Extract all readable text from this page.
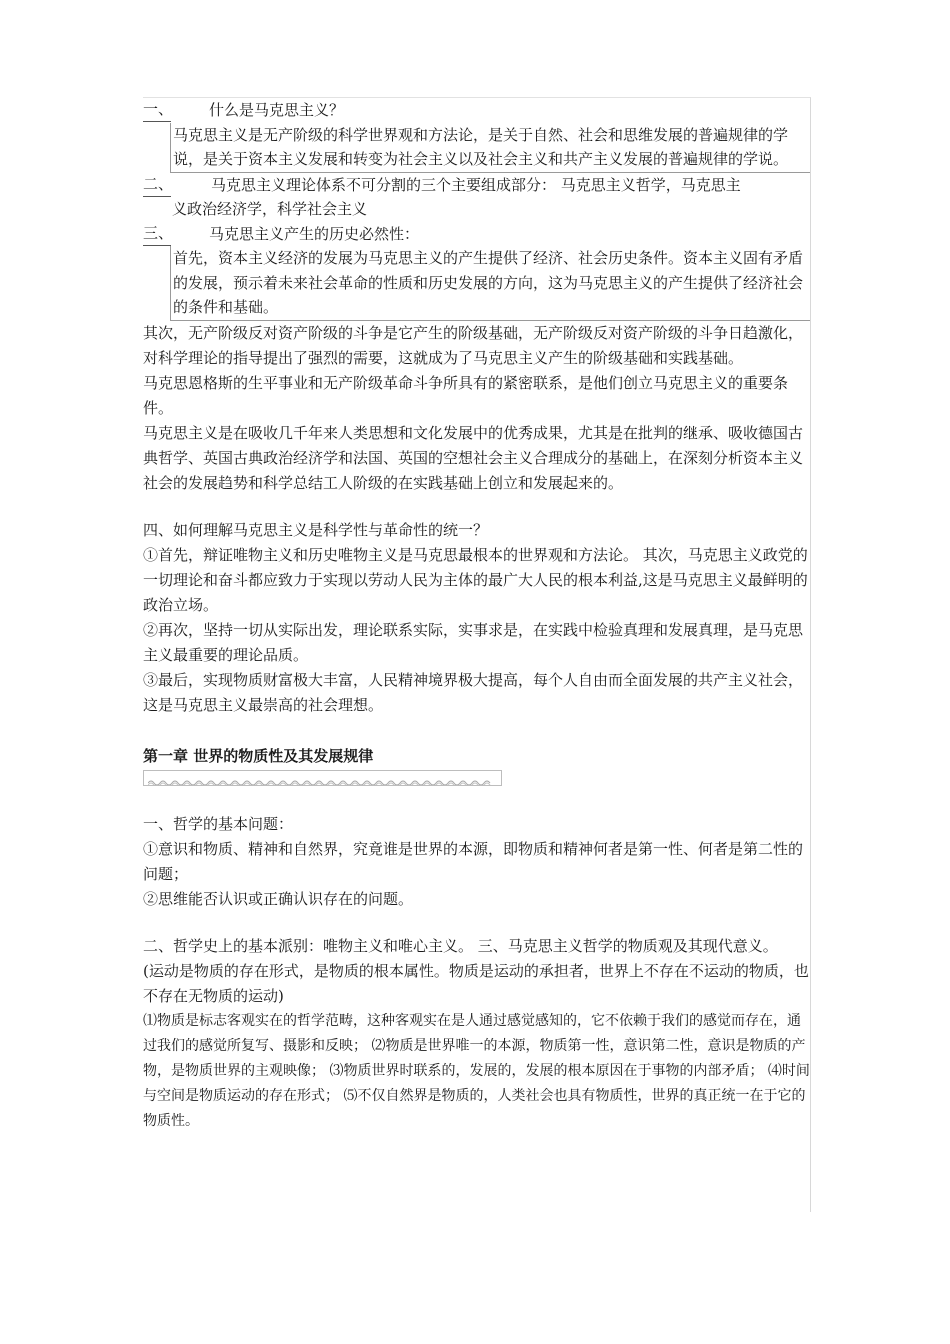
一、	什么是马克思主义？
马克思主义是无产阶级的科学世界观和方法论，是关于自然、社会和思维发展的普遍规律的学说，是关于资本主义发展和转变为社会主义以及社会主义和共产主义发展的普遍规律的学说。
二、	马克思主义理论体系不可分割的三个主要组成部分： 马克思主义哲学，马克思主
义政治经济学，科学社会主义
三、	马克思主义产生的历史必然性：
首先，资本主义经济的发展为马克思主义的产生提供了经济、社会历史条件。资本主义固有矛盾的发展，预示着未来社会革命的性质和历史发展的方向，这为马克思主义的产生提供了经济社会的条件和基础。

其次，无产阶级反对资产阶级的斗争是它产生的阶级基础，无产阶级反对资产阶级的斗争日趋激化，对科学理论的指导提出了强烈的需要，这就成为了马克思主义产生的阶级基础和实践基础。

马克思恩格斯的生平事业和无产阶级革命斗争所具有的紧密联系，是他们创立马克思主义的重要条件。

马克思主义是在吸收几千年来人类思想和文化发展中的优秀成果，尤其是在批判的继承、吸收德国古典哲学、英国古典政治经济学和法国、英国的空想社会主义合理成分的基础上，在深刻分析资本主义社会的发展趋势和科学总结工人阶级的在实践基础上创立和发展起来的。

四、如何理解马克思主义是科学性与革命性的统一？

①首先，辩证唯物主义和历史唯物主义是马克思最根本的世界观和方法论。 其次，马克思主义政党的一切理论和奋斗都应致力于实现以劳动人民为主体的最广大人民的根本利益,这是马克思主义最鲜明的政治立场。

②再次，坚持一切从实际出发，理论联系实际，实事求是，在实践中检验真理和发展真理，是马克思主义最重要的理论品质。

③最后，实现物质财富极大丰富，人民精神境界极大提高，每个人自由而全面发展的共产主义社会，这是马克思主义最崇高的社会理想。

第一章 世界的物质性及其发展规律

一、哲学的基本问题：

①意识和物质、精神和自然界，究竟谁是世界的本源，即物质和精神何者是第一性、何者是第二性的问题；

②思维能否认识或正确认识存在的问题。

二、哲学史上的基本派别：唯物主义和唯心主义。 三、马克思主义哲学的物质观及其现代意义。

(运动是物质的存在形式，是物质的根本属性。物质是运动的承担者，世界上不存在不运动的物质，也不存在无物质的运动)

⑴物质是标志客观实在的哲学范畴，这种客观实在是人通过感觉感知的，它不依赖于我们的感觉而存在，通过我们的感觉所复写、摄影和反映； ⑵物质是世界唯一的本源，物质第一性，意识第二性，意识是物质的产物，是物质世界的主观映像； ⑶物质世界时联系的，发展的，发展的根本原因在于事物的内部矛盾； ⑷时间与空间是物质运动的存在形式； ⑸不仅自然界是物质的，人类社会也具有物质性，世界的真正统一在于它的物质性。
